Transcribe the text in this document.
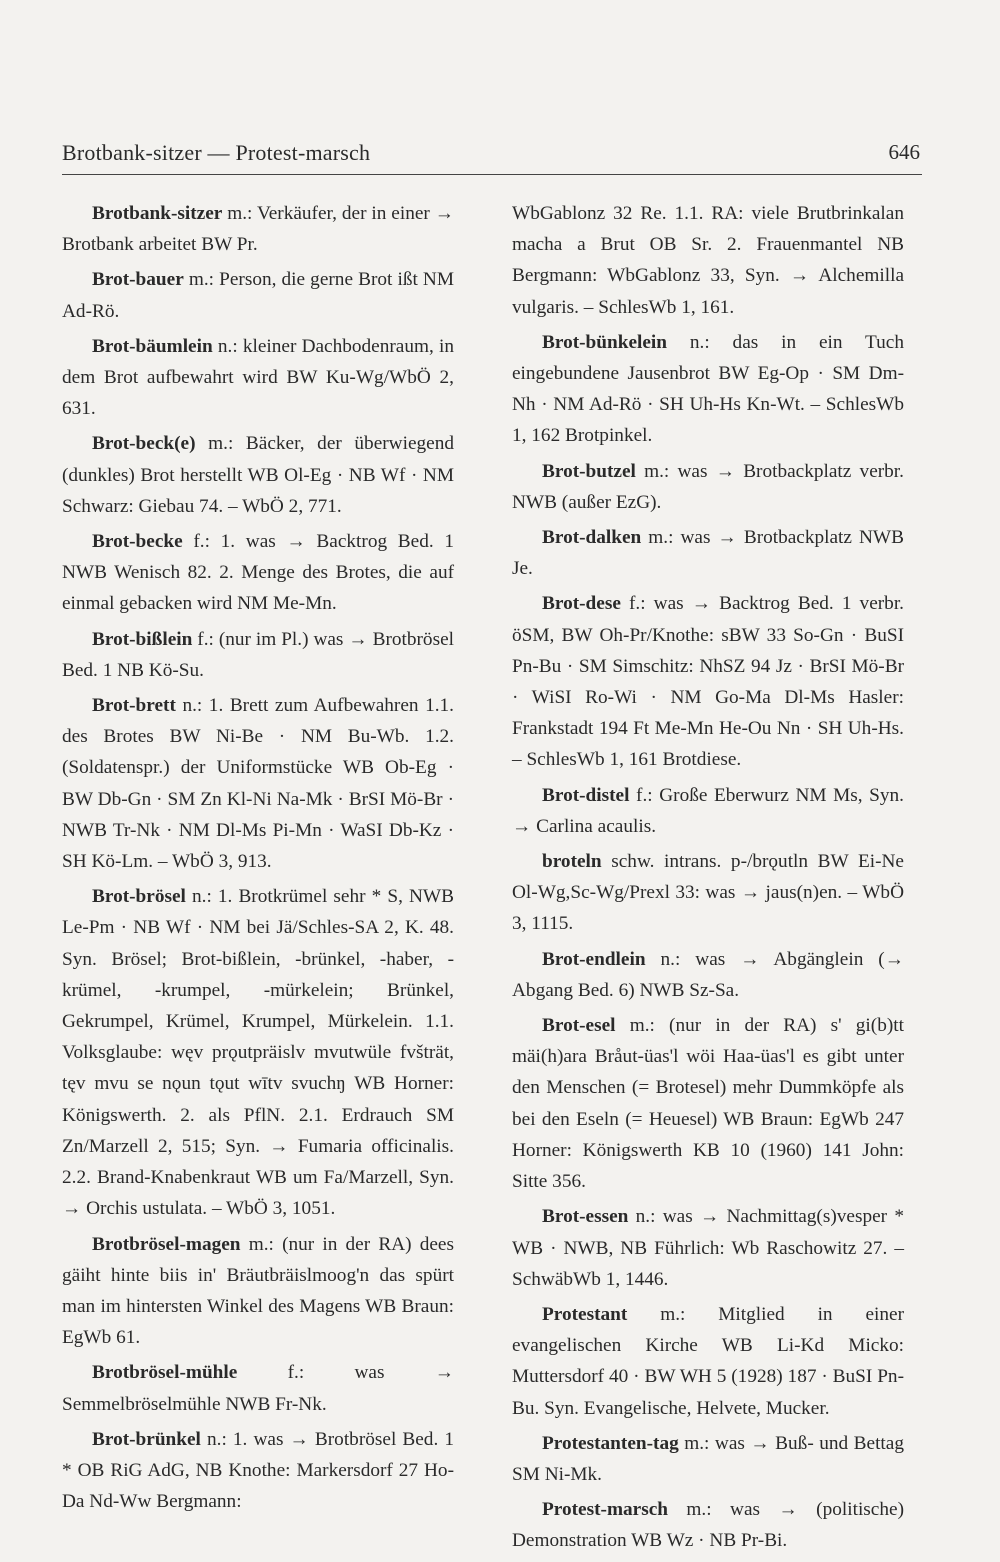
Brotbank-sitzer — Protest-marsch	646

Brotbank-sitzer m.: Verkäufer, der in einer → Brotbank arbeitet BW Pr.

Brot-bauer m.: Person, die gerne Brot ißt NM Ad-Rö.

Brot-bäumlein n.: kleiner Dachbodenraum, in dem Brot aufbewahrt wird BW Ku-Wg/WbÖ 2, 631.

Brot-beck(e) m.: Bäcker, der überwiegend (dunkles) Brot herstellt WB Ol-Eg · NB Wf · NM Schwarz: Giebau 74. – WbÖ 2, 771.

Brot-becke f.: 1. was → Backtrog Bed. 1 NWB Wenisch 82. 2. Menge des Brotes, die auf einmal gebacken wird NM Me-Mn.

Brot-bißlein f.: (nur im Pl.) was → Brotbrösel Bed. 1 NB Kö-Su.

Brot-brett n.: 1. Brett zum Aufbewahren 1.1. des Brotes BW Ni-Be · NM Bu-Wb. 1.2. (Soldatenspr.) der Uniformstücke WB Ob-Eg · BW Db-Gn · SM Zn Kl-Ni Na-Mk · BrSI Mö-Br · NWB Tr-Nk · NM Dl-Ms Pi-Mn · WaSI Db-Kz · SH Kö-Lm. – WbÖ 3, 913.

Brot-brösel n.: 1. Brotkrümel sehr * S, NWB Le-Pm · NB Wf · NM bei Jä/Schles-SA 2, K. 48. Syn. Brösel; Brot-bißlein, -brünkel, -haber, -krümel, -krumpel, -mürkelein; Brünkel, Gekrumpel, Krümel, Krumpel, Mürkelein. 1.1. Volksglaube: węv prǫutpräislv mvutwüle fvšträt, tęv mvu se nǫun tǫut wītv svuchŋ WB Horner: Königswerth. 2. als PflN. 2.1. Erdrauch SM Zn/Marzell 2, 515; Syn. → Fumaria officinalis. 2.2. Brand-Knabenkraut WB um Fa/Marzell, Syn. → Orchis ustulata. – WbÖ 3, 1051.

Brotbrösel-magen m.: (nur in der RA) dees gäiht hinte biis in' Bräutbräislmoog'n das spürt man im hintersten Winkel des Magens WB Braun: EgWb 61.

Brotbrösel-mühle f.: was → Semmelbröselmühle NWB Fr-Nk.

Brot-brünkel n.: 1. was → Brotbrösel Bed. 1 * OB RiG AdG, NB Knothe: Markersdorf 27 Ho-Da Nd-Ww Bergmann:

WbGablonz 32 Re. 1.1. RA: viele Brutbrinkalan macha a Brut OB Sr. 2. Frauenmantel NB Bergmann: WbGablonz 33, Syn. → Alchemilla vulgaris. – SchlesWb 1, 161.

Brot-bünkelein n.: das in ein Tuch eingebundene Jausenbrot BW Eg-Op · SM Dm-Nh · NM Ad-Rö · SH Uh-Hs Kn-Wt. – SchlesWb 1, 162 Brotpinkel.

Brot-butzel m.: was → Brotbackplatz verbr. NWB (außer EzG).

Brot-dalken m.: was → Brotbackplatz NWB Je.

Brot-dese f.: was → Backtrog Bed. 1 verbr. öSM, BW Oh-Pr/Knothe: sBW 33 So-Gn · BuSI Pn-Bu · SM Simschitz: NhSZ 94 Jz · BrSI Mö-Br · WiSI Ro-Wi · NM Go-Ma Dl-Ms Hasler: Frankstadt 194 Ft Me-Mn He-Ou Nn · SH Uh-Hs. – SchlesWb 1, 161 Brotdiese.

Brot-distel f.: Große Eberwurz NM Ms, Syn. → Carlina acaulis.

broteln schw. intrans. p-/brǫutln BW Ei-Ne Ol-Wg,Sc-Wg/Prexl 33: was → jaus(n)en. – WbÖ 3, 1115.

Brot-endlein n.: was → Abgänglein (→ Abgang Bed. 6) NWB Sz-Sa.

Brot-esel m.: (nur in der RA) s' gi(b)tt mäi(h)ara Bråut-üas'l wöi Haa-üas'l es gibt unter den Menschen (= Brotesel) mehr Dummköpfe als bei den Eseln (= Heuesel) WB Braun: EgWb 247 Horner: Königswerth KB 10 (1960) 141 John: Sitte 356.

Brot-essen n.: was → Nachmittag(s)vesper * WB · NWB, NB Führlich: Wb Raschowitz 27. – SchwäbWb 1, 1446.

Protestant m.: Mitglied in einer evangelischen Kirche WB Li-Kd Micko: Muttersdorf 40 · BW WH 5 (1928) 187 · BuSI Pn-Bu. Syn. Evangelische, Helvete, Mucker.

Protestanten-tag m.: was → Buß- und Bettag SM Ni-Mk.

Protest-marsch m.: was → (politische) Demonstration WB Wz · NB Pr-Bi.
